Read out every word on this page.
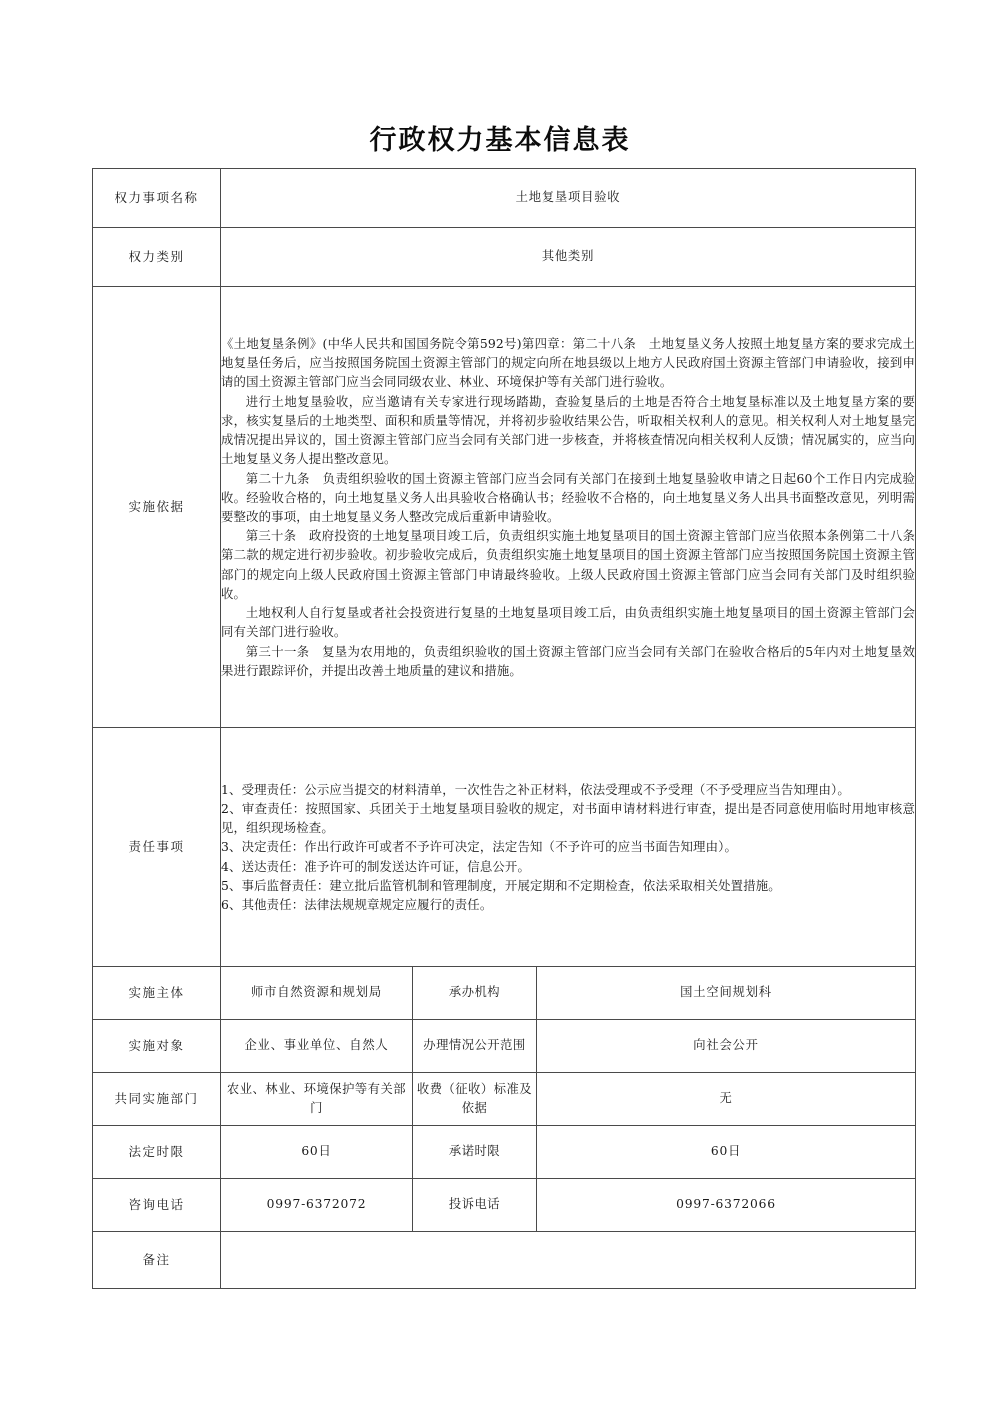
行政权力基本信息表
权力事项名称	土地复垦项目验收		
权力类别	其他类别		
实施依据	

《土地复垦条例》(中华人民共和国国务院令第592号)第四章：第二十八条　土地复垦义务人按照土地复垦方案的要求完成土地复垦任务后，应当按照国务院国土资源主管部门的规定向所在地县级以上地方人民政府国土资源主管部门申请验收，接到申请的国土资源主管部门应当会同同级农业、林业、环境保护等有关部门进行验收。

进行土地复垦验收，应当邀请有关专家进行现场踏勘，查验复垦后的土地是否符合土地复垦标准以及土地复垦方案的要求，核实复垦后的土地类型、面积和质量等情况，并将初步验收结果公告，听取相关权利人的意见。相关权利人对土地复垦完成情况提出异议的，国土资源主管部门应当会同有关部门进一步核查，并将核查情况向相关权利人反馈；情况属实的，应当向土地复垦义务人提出整改意见。

第二十九条　负责组织验收的国土资源主管部门应当会同有关部门在接到土地复垦验收申请之日起60个工作日内完成验收。经验收合格的，向土地复垦义务人出具验收合格确认书；经验收不合格的，向土地复垦义务人出具书面整改意见，列明需要整改的事项，由土地复垦义务人整改完成后重新申请验收。

第三十条　政府投资的土地复垦项目竣工后，负责组织实施土地复垦项目的国土资源主管部门应当依照本条例第二十八条第二款的规定进行初步验收。初步验收完成后，负责组织实施土地复垦项目的国土资源主管部门应当按照国务院国土资源主管部门的规定向上级人民政府国土资源主管部门申请最终验收。上级人民政府国土资源主管部门应当会同有关部门及时组织验收。

土地权利人自行复垦或者社会投资进行复垦的土地复垦项目竣工后，由负责组织实施土地复垦项目的国土资源主管部门会同有关部门进行验收。

第三十一条　复垦为农用地的，负责组织验收的国土资源主管部门应当会同有关部门在验收合格后的5年内对土地复垦效果进行跟踪评价，并提出改善土地质量的建议和措施。

责任事项	

1、受理责任：公示应当提交的材料清单，一次性告之补正材料，依法受理或不予受理（不予受理应当告知理由）。

2、审查责任：按照国家、兵团关于土地复垦项目验收的规定，对书面申请材料进行审查，提出是否同意使用临时用地审核意见，组织现场检查。

3、决定责任：作出行政许可或者不予许可决定，法定告知（不予许可的应当书面告知理由）。

4、送达责任：准予许可的制发送达许可证，信息公开。

5、事后监督责任：建立批后监管机制和管理制度，开展定期和不定期检查，依法采取相关处置措施。

6、其他责任：法律法规规章规定应履行的责任。

实施主体	师市自然资源和规划局	承办机构	国土空间规划科
实施对象	企业、事业单位、自然人	办理情况公开范围	向社会公开
共同实施部门	农业、林业、环境保护等有关部门	收费（征收）标准及依据	无
法定时限	60日	承诺时限	60日
咨询电话	0997-6372072	投诉电话	0997-6372066
备注			
